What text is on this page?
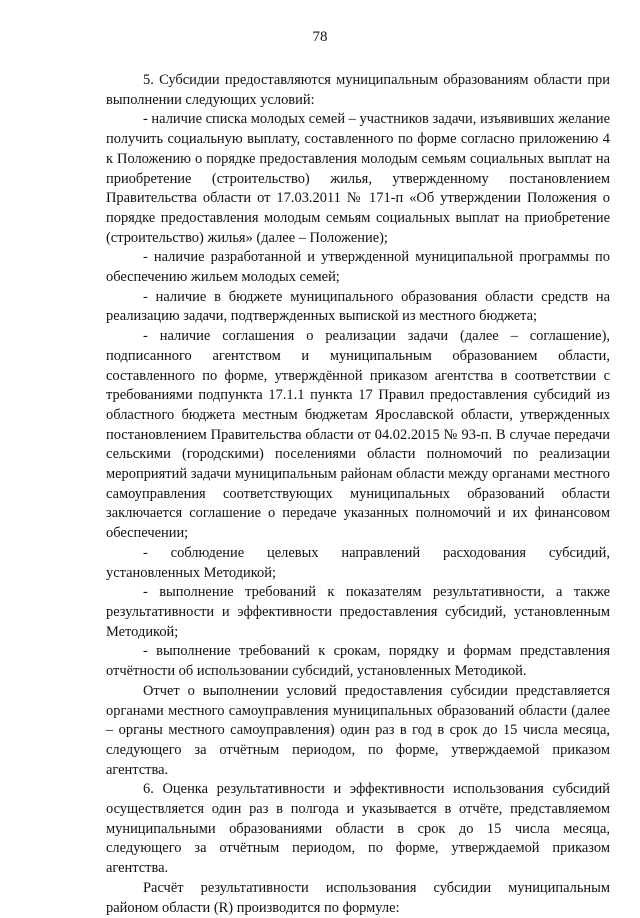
78

5. Субсидии предоставляются муниципальным образованиям области при выполнении следующих условий:

- наличие списка молодых семей – участников задачи, изъявивших желание получить социальную выплату, составленного по форме согласно приложению 4 к Положению о порядке предоставления молодым семьям социальных выплат на приобретение (строительство) жилья, утвержденному постановлением Правительства области от 17.03.2011 № 171-п «Об утверждении Положения о порядке предоставления молодым семьям социальных выплат на приобретение (строительство) жилья» (далее – Положение);

- наличие разработанной и утвержденной муниципальной программы по обеспечению жильем молодых семей;

- наличие в бюджете муниципального образования области средств на реализацию задачи, подтвержденных выпиской из местного бюджета;

- наличие соглашения о реализации задачи (далее – соглашение), подписанного агентством и муниципальным образованием области, составленного по форме, утверждённой приказом агентства в соответствии с требованиями подпункта 17.1.1 пункта 17 Правил предоставления субсидий из областного бюджета местным бюджетам Ярославской области, утвержденных постановлением Правительства области от 04.02.2015 № 93-п. В случае передачи сельскими (городскими) поселениями области полномочий по реализации мероприятий задачи муниципальным районам области между органами местного самоуправления соответствующих муниципальных образований области заключается соглашение о передаче указанных полномочий и их финансовом обеспечении;

- соблюдение целевых направлений расходования субсидий, установленных Методикой;

- выполнение требований к показателям результативности, а также результативности и эффективности предоставления субсидий, установленным Методикой;

- выполнение требований к срокам, порядку и формам представления отчётности об использовании субсидий, установленных Методикой.

Отчет о выполнении условий предоставления субсидии представляется органами местного самоуправления муниципальных образований области (далее – органы местного самоуправления) один раз в год в срок до 15 числа месяца, следующего за отчётным периодом, по форме, утверждаемой приказом агентства.

6. Оценка результативности и эффективности использования субсидий осуществляется один раз в полгода и указывается в отчёте, представляемом муниципальными образованиями области в срок до 15 числа месяца, следующего за отчётным периодом, по форме, утверждаемой приказом агентства.

Расчёт результативности использования субсидии муниципальным районом области (R) производится по формуле:
